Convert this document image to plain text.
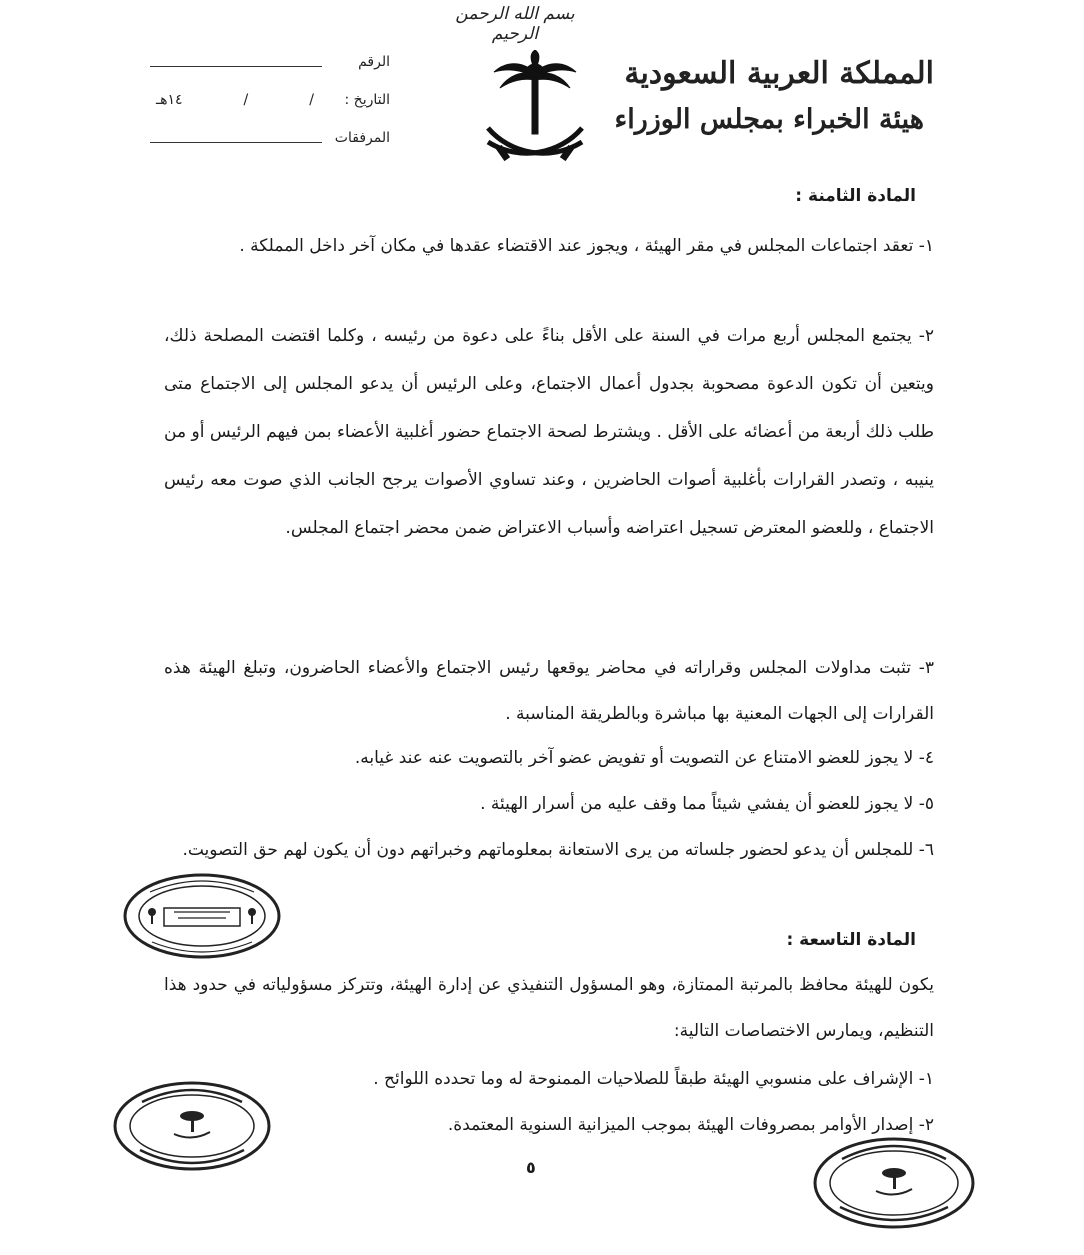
بسم الله الرحمن الرحيم
المملكة العربية السعودية
هيئة الخبراء بمجلس الوزراء
الرقم
التاريخ :
١٤هـ	/	/
المرفقات
المادة الثامنة :
١- تعقد اجتماعات المجلس في مقر الهيئة ، ويجوز عند الاقتضاء عقدها في مكان آخر داخل المملكة .
٢- يجتمع المجلس أربع مرات في السنة على الأقل بناءً على دعوة من رئيسه ، وكلما اقتضت المصلحة ذلك، ويتعين أن تكون الدعوة مصحوبة بجدول أعمال الاجتماع، وعلى الرئيس أن يدعو المجلس إلى الاجتماع متى طلب ذلك أربعة من أعضائه على الأقل . ويشترط لصحة الاجتماع حضور أغلبية الأعضاء بمن فيهم الرئيس أو من ينيبه ، وتصدر القرارات بأغلبية أصوات الحاضرين ، وعند تساوي الأصوات يرجح الجانب الذي صوت معه رئيس الاجتماع ، وللعضو المعترض تسجيل اعتراضه وأسباب الاعتراض ضمن محضر اجتماع المجلس.
٣- تثبت مداولات المجلس وقراراته في محاضر يوقعها رئيس الاجتماع والأعضاء الحاضرون، وتبلغ الهيئة هذه القرارات إلى الجهات المعنية بها مباشرة وبالطريقة المناسبة .
٤- لا يجوز للعضو الامتناع عن التصويت أو تفويض عضو آخر بالتصويت عنه عند غيابه.
٥- لا يجوز للعضو أن يفشي شيئاً مما وقف عليه من أسرار الهيئة .
٦- للمجلس أن يدعو لحضور جلساته من يرى الاستعانة بمعلوماتهم وخبراتهم دون أن يكون لهم حق التصويت.
المادة التاسعة :
يكون للهيئة محافظ بالمرتبة الممتازة، وهو المسؤول التنفيذي عن إدارة الهيئة، وتتركز مسؤولياته في حدود هذا التنظيم، ويمارس الاختصاصات التالية:
١- الإشراف على منسوبي الهيئة طبقاً للصلاحيات الممنوحة له وما تحدده اللوائح .
٢- إصدار الأوامر بمصروفات الهيئة بموجب الميزانية السنوية المعتمدة.
٥
